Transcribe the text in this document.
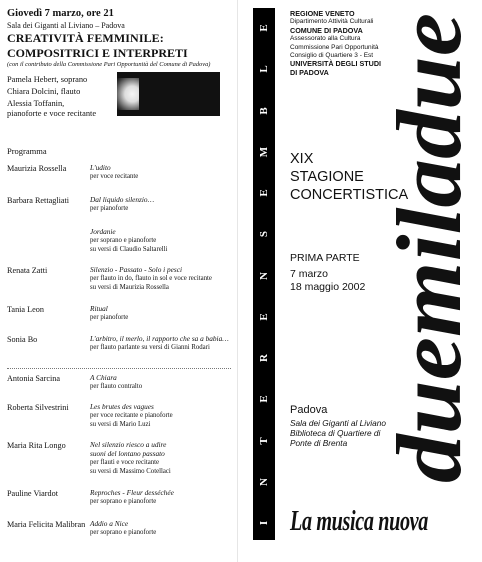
Giovedì 7 marzo, ore 21
Sala dei Giganti al Liviano – Padova
CREATIVITÀ FEMMINILE:
COMPOSITRICI E INTERPRETI
(con il contributo della Commissione Pari Opportunità del Comune di Padova)
Pamela Hebert, soprano
Chiara Dolcini, flauto
Alessia Toffanin,
pianoforte e voce recitante
Programma
Maurizia Rossella	L'udito
per voce recitante
Barbara Rettagliati	Dal liquido silenzio…
per pianoforte
Jordanie
per soprano e pianoforte
su versi di Claudio Saltarelli
Renata Zatti	Silenzio - Passato - Solo i pesci
per flauto in do, flauto in sol e voce recitante
su versi di Maurizia Rossella
Tania Leon	Ritual
per pianoforte
Sonia Bo	L'arbitro, il merlo, il rapporto che sa a babia…
per flauto parlante su versi di Gianni Rodari
Antonia Sarcina	A Chiara
per flauto contralto
Roberta Silvestrini	Les brutes des vagues
per voce recitante e pianoforte
su versi di Mario Luzi
Maria Rita Longo	Nel silenzio riesco a udire
suoni del lontano passato
per flauti e voce recitante
su versi di Massimo Cotellaci
Pauline Viardot	Reproches - Fleur desséchée
per soprano e pianoforte
Maria Felicita Malibran Addio a Nice
per soprano e pianoforte
I
N
T
E
R
E
N
S
E
M
B
L
E
REGIONE VENETO
Dipartimento Attività Culturali
COMUNE DI PADOVA
Assessorato alla Cultura
Commissione Pari Opportunità
Consiglio di Quartiere 3 - Est
UNIVERSITÀ DEGLI STUDI
DI PADOVA
XIX
STAGIONE
CONCERTISTICA
PRIMA PARTE
7 marzo
18 maggio 2002
Padova
Sala dei Giganti al Liviano
Biblioteca di Quartiere di
Ponte di Brenta duemiladue
La musica nuova
